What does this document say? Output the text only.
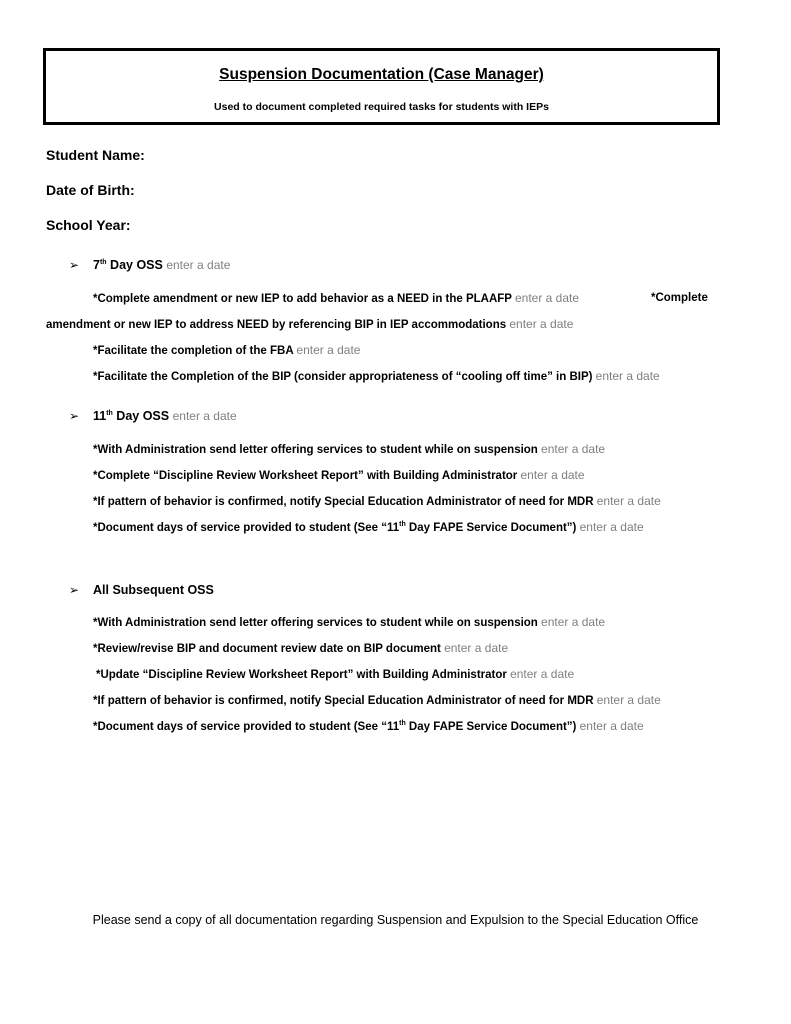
Suspension Documentation (Case Manager)
Used to document completed required tasks for students with IEPs
Student Name:
Date of Birth:
School Year:
➢ 7th Day OSS enter a date
*Complete amendment or new IEP to add behavior as a NEED in the PLAAFP enter a date	*Complete
amendment or new IEP to address NEED by referencing BIP in IEP accommodations enter a date
*Facilitate the completion of the FBA enter a date
*Facilitate the Completion of the BIP (consider appropriateness of “cooling off time” in BIP) enter a date
➢ 11th Day OSS enter a date
*With Administration send letter offering services to student while on suspension enter a date
*Complete “Discipline Review Worksheet Report” with Building Administrator enter a date
*If pattern of behavior is confirmed, notify Special Education Administrator of need for MDR enter a date
*Document days of service provided to student (See “11th Day FAPE Service Document”) enter a date
➢ All Subsequent OSS
*With Administration send letter offering services to student while on suspension enter a date
*Review/revise BIP and document review date on BIP document enter a date
*Update “Discipline Review Worksheet Report” with Building Administrator enter a date
*If pattern of behavior is confirmed, notify Special Education Administrator of need for MDR enter a date
*Document days of service provided to student (See “11th Day FAPE Service Document”) enter a date
Please send a copy of all documentation regarding Suspension and Expulsion to the Special Education Office
